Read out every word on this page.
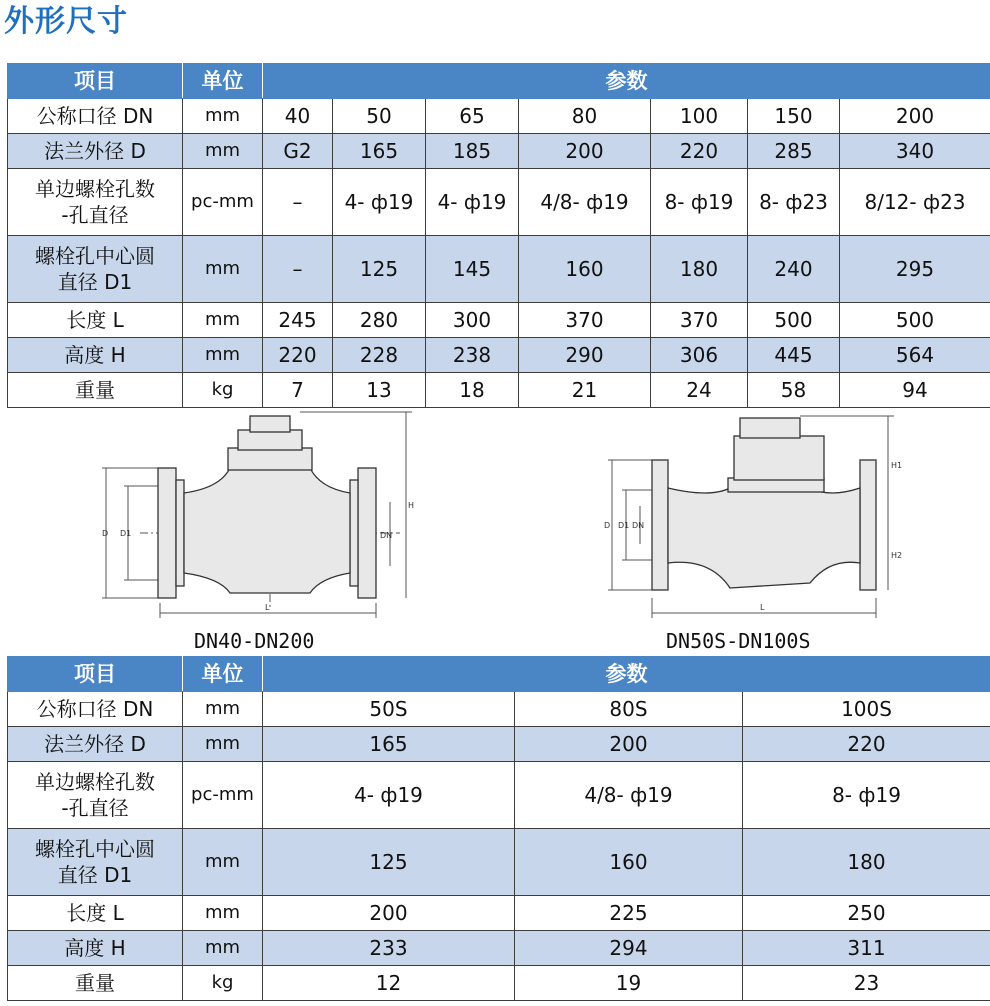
外形尺寸
项目	单位	参数						
公称口径 DN	mm	40	50	65	80	100	150	200
法兰外径 D	mm	G2	165	185	200	220	285	340

单边螺栓孔数
-孔直径	pc-mm	–	4- ф19	4- ф19	4/8- ф19	8- ф19	8- ф23	8/12- ф23

螺栓孔中心圆
直径 D1	mm	–	125	145	160	180	240	295
长度 L	mm	245	280	300	370	370	500	500
高度 H	mm	220	228	238	290	306	445	564
重量	kg	7	13	18	21	24	58	94
D D1	DN
H
L
D D1 DN
H1
H2
L
DN40-DN200	DN50S-DN100S
项目	单位	参数		
公称口径 DN	mm	50S	80S	100S
法兰外径 D	mm	165	200	220

单边螺栓孔数
-孔直径	pc-mm	4- ф19	4/8- ф19	8- ф19

螺栓孔中心圆
直径 D1	mm	125	160	180
长度 L	mm	200	225	250
高度 H	mm	233	294	311
重量	kg	12	19	23
